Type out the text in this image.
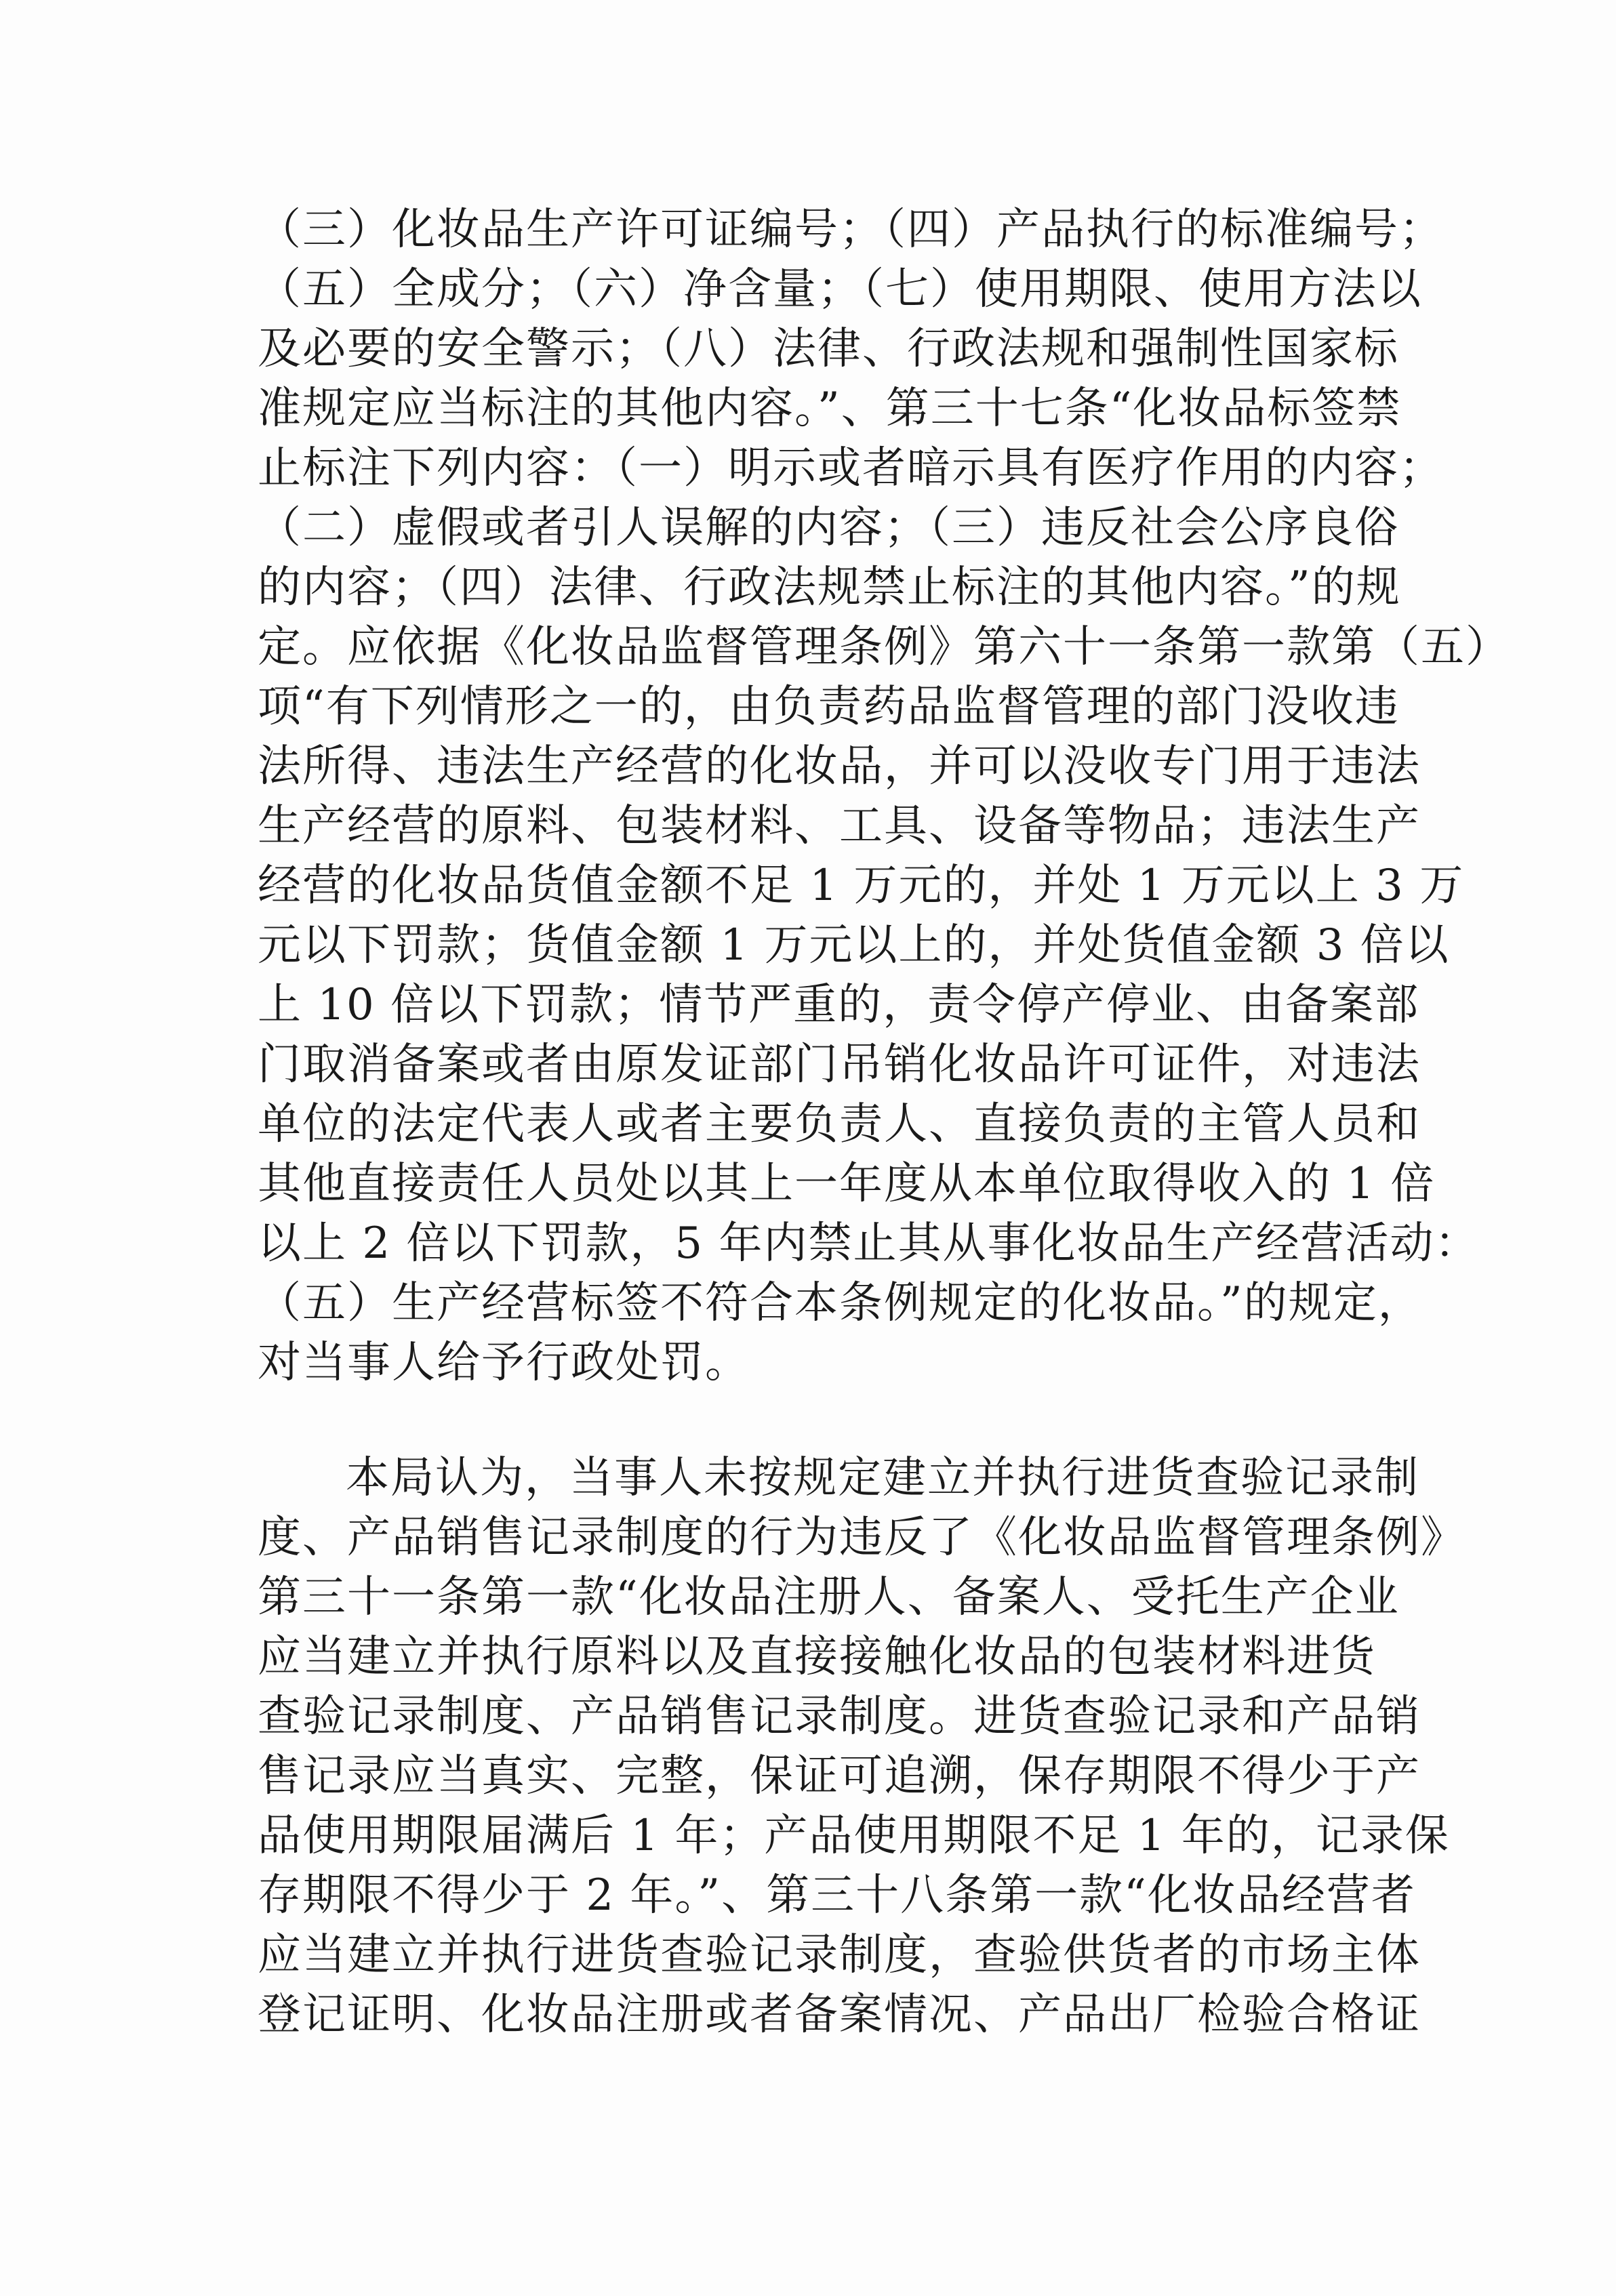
（三）化妆品生产许可证编号；（四）产品执行的标准编号；
（五）全成分；（六）净含量；（七）使用期限、使用方法以
及必要的安全警示；（八）法律、行政法规和强制性国家标
准规定应当标注的其他内容。”、第三十七条“化妆品标签禁
止标注下列内容：（一）明示或者暗示具有医疗作用的内容；
（二）虚假或者引人误解的内容；（三）违反社会公序良俗
的内容；（四）法律、行政法规禁止标注的其他内容。”的规
定。应依据《化妆品监督管理条例》第六十一条第一款第（五）
项“有下列情形之一的，由负责药品监督管理的部门没收违
法所得、违法生产经营的化妆品，并可以没收专门用于违法
生产经营的原料、包装材料、工具、设备等物品；违法生产
经营的化妆品货值金额不足 1 万元的，并处 1 万元以上 3 万
元以下罚款；货值金额 1 万元以上的，并处货值金额 3 倍以
上 10 倍以下罚款；情节严重的，责令停产停业、由备案部
门取消备案或者由原发证部门吊销化妆品许可证件，对违法
单位的法定代表人或者主要负责人、直接负责的主管人员和
其他直接责任人员处以其上一年度从本单位取得收入的 1 倍
以上 2 倍以下罚款，5 年内禁止其从事化妆品生产经营活动：
（五）生产经营标签不符合本条例规定的化妆品。”的规定，
对当事人给予行政处罚。
本局认为，当事人未按规定建立并执行进货查验记录制
度、产品销售记录制度的行为违反了《化妆品监督管理条例》
第三十一条第一款“化妆品注册人、备案人、受托生产企业
应当建立并执行原料以及直接接触化妆品的包装材料进货
查验记录制度、产品销售记录制度。进货查验记录和产品销
售记录应当真实、完整，保证可追溯，保存期限不得少于产
品使用期限届满后 1 年；产品使用期限不足 1 年的，记录保
存期限不得少于 2 年。”、第三十八条第一款“化妆品经营者
应当建立并执行进货查验记录制度，查验供货者的市场主体
登记证明、化妆品注册或者备案情况、产品出厂检验合格证
